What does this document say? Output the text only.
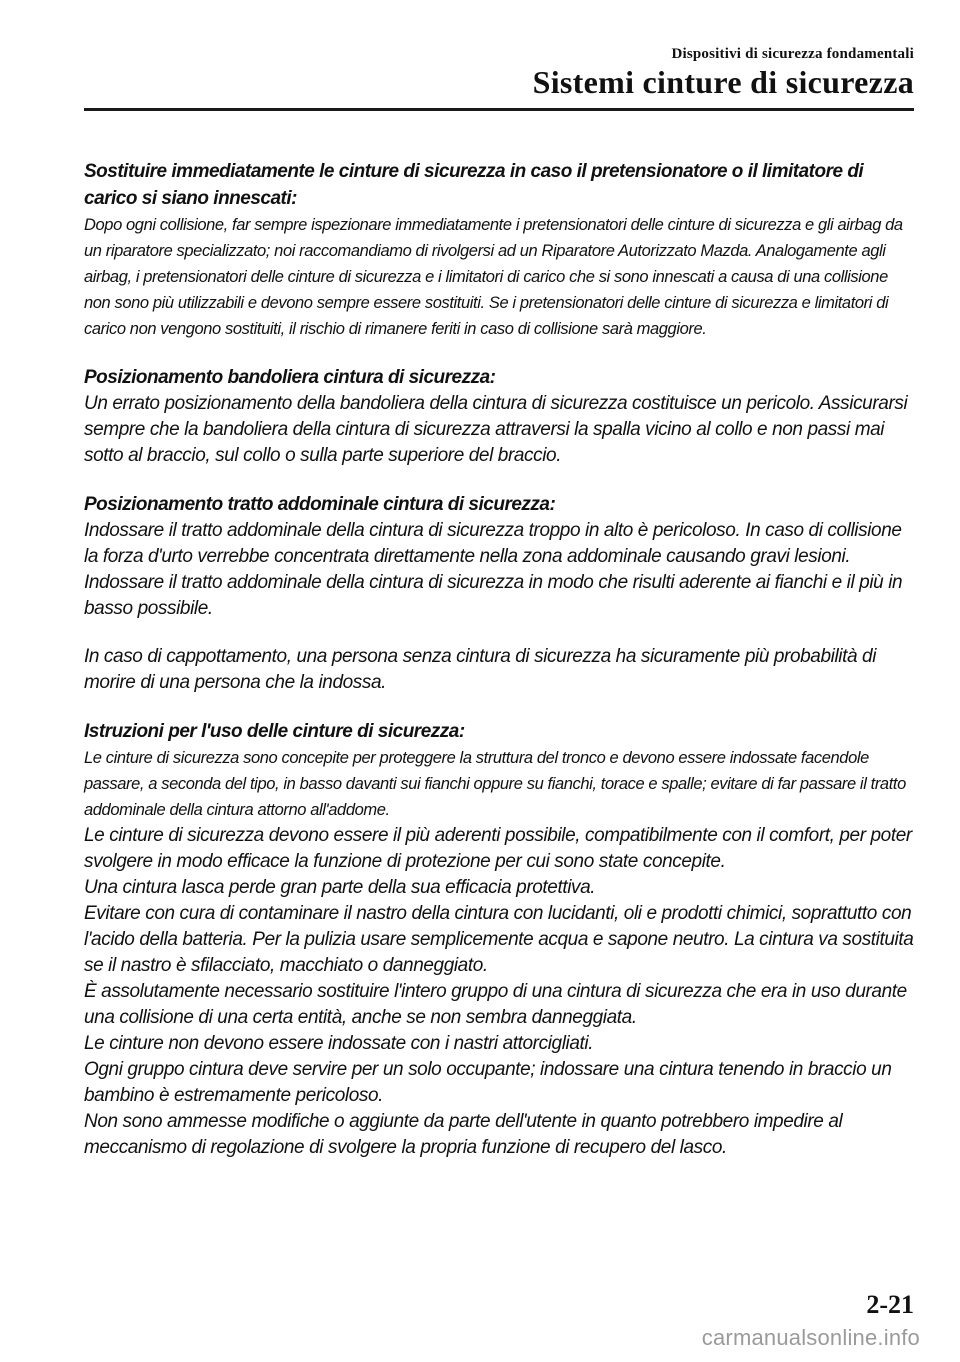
Dispositivi di sicurezza fondamentali
Sistemi cinture di sicurezza

Sostituire immediatamente le cinture di sicurezza in caso il pretensionatore o il limitatore di carico si siano innescati:

Dopo ogni collisione, far sempre ispezionare immediatamente i pretensionatori delle cinture di sicurezza e gli airbag da un riparatore specializzato; noi raccomandiamo di rivolgersi ad un Riparatore Autorizzato Mazda. Analogamente agli airbag, i pretensionatori delle cinture di sicurezza e i limitatori di carico che si sono innescati a causa di una collisione non sono più utilizzabili e devono sempre essere sostituiti. Se i pretensionatori delle cinture di sicurezza e limitatori di carico non vengono sostituiti, il rischio di rimanere feriti in caso di collisione sarà maggiore.

Posizionamento bandoliera cintura di sicurezza:

Un errato posizionamento della bandoliera della cintura di sicurezza costituisce un pericolo. Assicurarsi sempre che la bandoliera della cintura di sicurezza attraversi la spalla vicino al collo e non passi mai sotto al braccio, sul collo o sulla parte superiore del braccio.

Posizionamento tratto addominale cintura di sicurezza:

Indossare il tratto addominale della cintura di sicurezza troppo in alto è pericoloso. In caso di collisione la forza d'urto verrebbe concentrata direttamente nella zona addominale causando gravi lesioni. Indossare il tratto addominale della cintura di sicurezza in modo che risulti aderente ai fianchi e il più in basso possibile.

In caso di cappottamento, una persona senza cintura di sicurezza ha sicuramente più probabilità di morire di una persona che la indossa.

Istruzioni per l'uso delle cinture di sicurezza:

Le cinture di sicurezza sono concepite per proteggere la struttura del tronco e devono essere indossate facendole passare, a seconda del tipo, in basso davanti sui fianchi oppure su fianchi, torace e spalle; evitare di far passare il tratto addominale della cintura attorno all'addome.

Le cinture di sicurezza devono essere il più aderenti possibile, compatibilmente con il comfort, per poter svolgere in modo efficace la funzione di protezione per cui sono state concepite.

Una cintura lasca perde gran parte della sua efficacia protettiva.

Evitare con cura di contaminare il nastro della cintura con lucidanti, oli e prodotti chimici, soprattutto con l'acido della batteria. Per la pulizia usare semplicemente acqua e sapone neutro. La cintura va sostituita se il nastro è sfilacciato, macchiato o danneggiato.

È assolutamente necessario sostituire l'intero gruppo di una cintura di sicurezza che era in uso durante una collisione di una certa entità, anche se non sembra danneggiata.

Le cinture non devono essere indossate con i nastri attorcigliati.

Ogni gruppo cintura deve servire per un solo occupante; indossare una cintura tenendo in braccio un bambino è estremamente pericoloso.

Non sono ammesse modifiche o aggiunte da parte dell'utente in quanto potrebbero impedire al meccanismo di regolazione di svolgere la propria funzione di recupero del lasco.

2-21
carmanualsonline.info
